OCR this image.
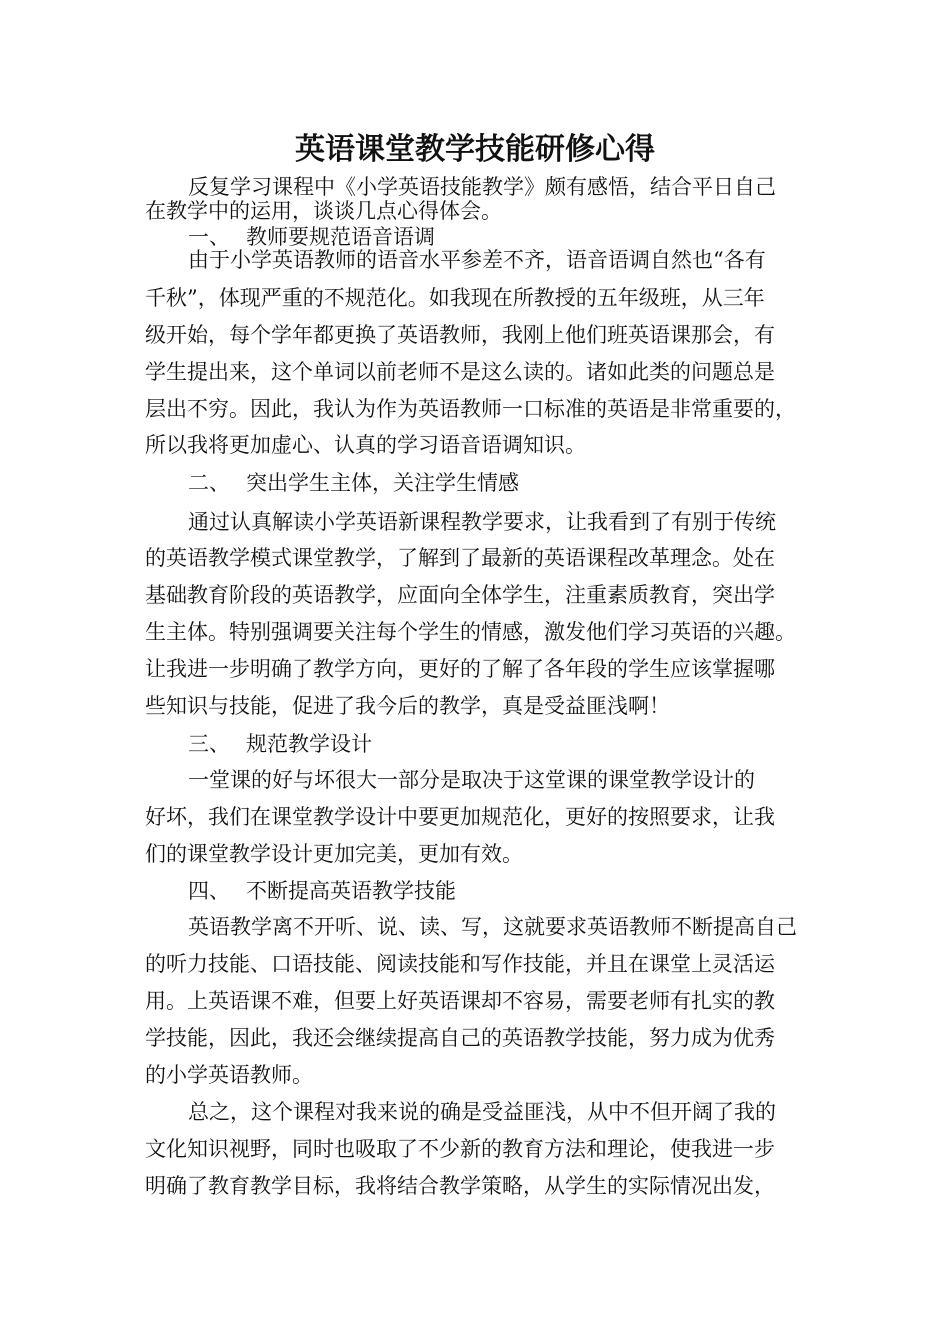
英语课堂教学技能研修心得
反复学习课程中《小学英语技能教学》颇有感悟，结合平日自己
在教学中的运用，谈谈几点心得体会。
一、 教师要规范语音语调
由于小学英语教师的语音水平参差不齐，语音语调自然也“各有
千秋”，体现严重的不规范化。如我现在所教授的五年级班，从三年
级开始，每个学年都更换了英语教师，我刚上他们班英语课那会，有
学生提出来，这个单词以前老师不是这么读的。诸如此类的问题总是
层出不穷。因此，我认为作为英语教师一口标准的英语是非常重要的，
所以我将更加虚心、认真的学习语音语调知识。
二、 突出学生主体，关注学生情感
通过认真解读小学英语新课程教学要求，让我看到了有别于传统
的英语教学模式课堂教学，了解到了最新的英语课程改革理念。处在
基础教育阶段的英语教学，应面向全体学生，注重素质教育，突出学
生主体。特别强调要关注每个学生的情感，激发他们学习英语的兴趣。
让我进一步明确了教学方向，更好的了解了各年段的学生应该掌握哪
些知识与技能，促进了我今后的教学，真是受益匪浅啊！
三、 规范教学设计
一堂课的好与坏很大一部分是取决于这堂课的课堂教学设计的
好坏，我们在课堂教学设计中要更加规范化，更好的按照要求，让我
们的课堂教学设计更加完美，更加有效。
四、 不断提高英语教学技能
英语教学离不开听、说、读、写，这就要求英语教师不断提高自己
的听力技能、口语技能、阅读技能和写作技能，并且在课堂上灵活运
用。上英语课不难，但要上好英语课却不容易，需要老师有扎实的教
学技能，因此，我还会继续提高自己的英语教学技能，努力成为优秀
的小学英语教师。
总之，这个课程对我来说的确是受益匪浅，从中不但开阔了我的
文化知识视野，同时也吸取了不少新的教育方法和理论，使我进一步
明确了教育教学目标，我将结合教学策略，从学生的实际情况出发，
